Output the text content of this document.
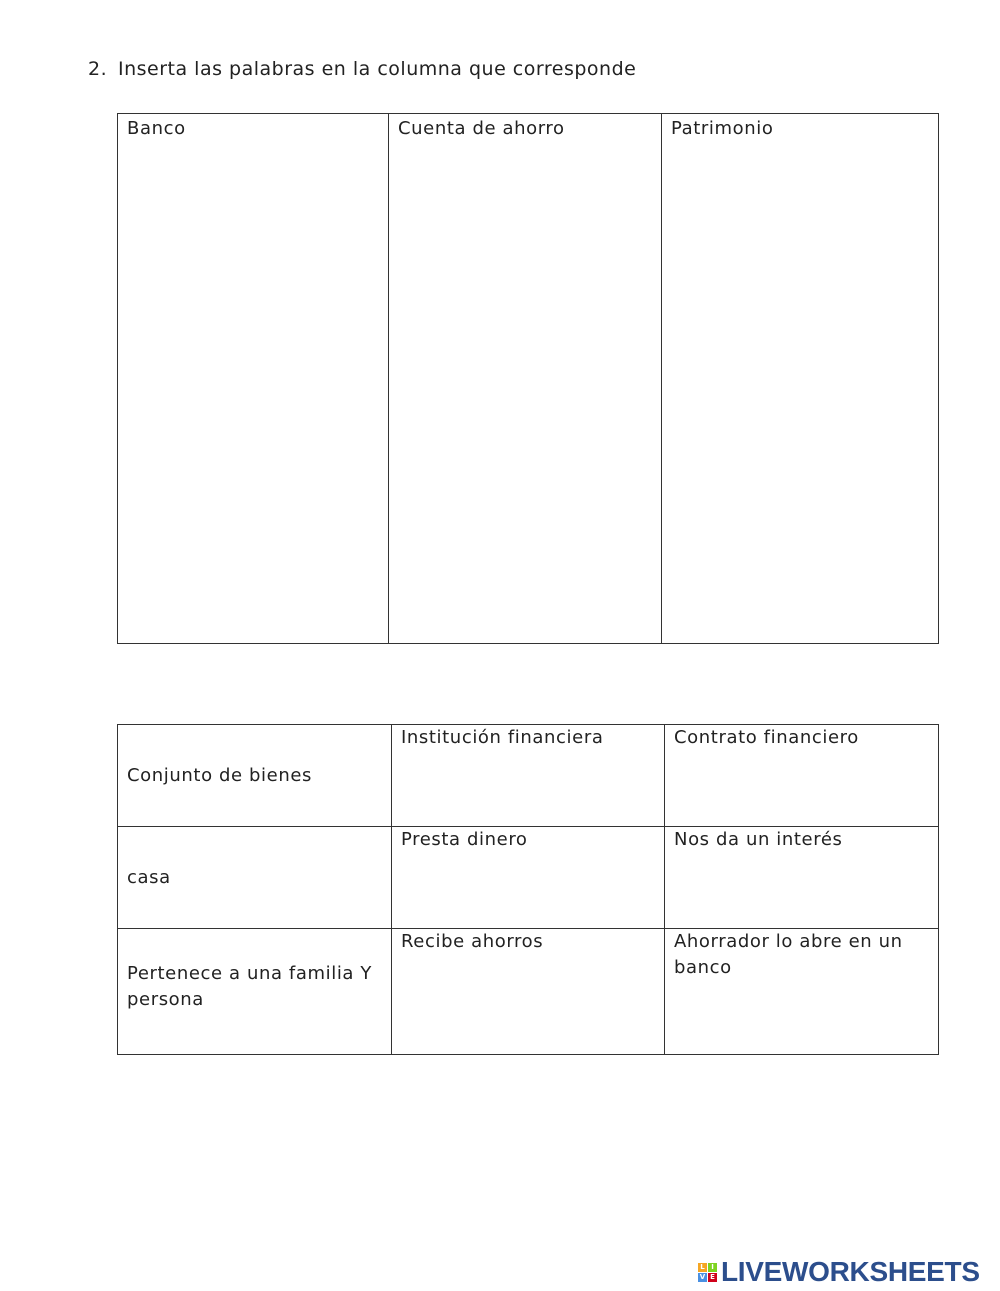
2. Inserta las palabras en la columna que corresponde
Banco	Cuenta de ahorro	Patrimonio
Conjunto de bienes	Institución financiera	Contrato financiero

casa	Presta dinero	Nos da un interés

Pertenece a una familia Y persona	Recibe ahorros	Ahorrador lo abre en un banco
L I
V E LIVEWORKSHEETS
